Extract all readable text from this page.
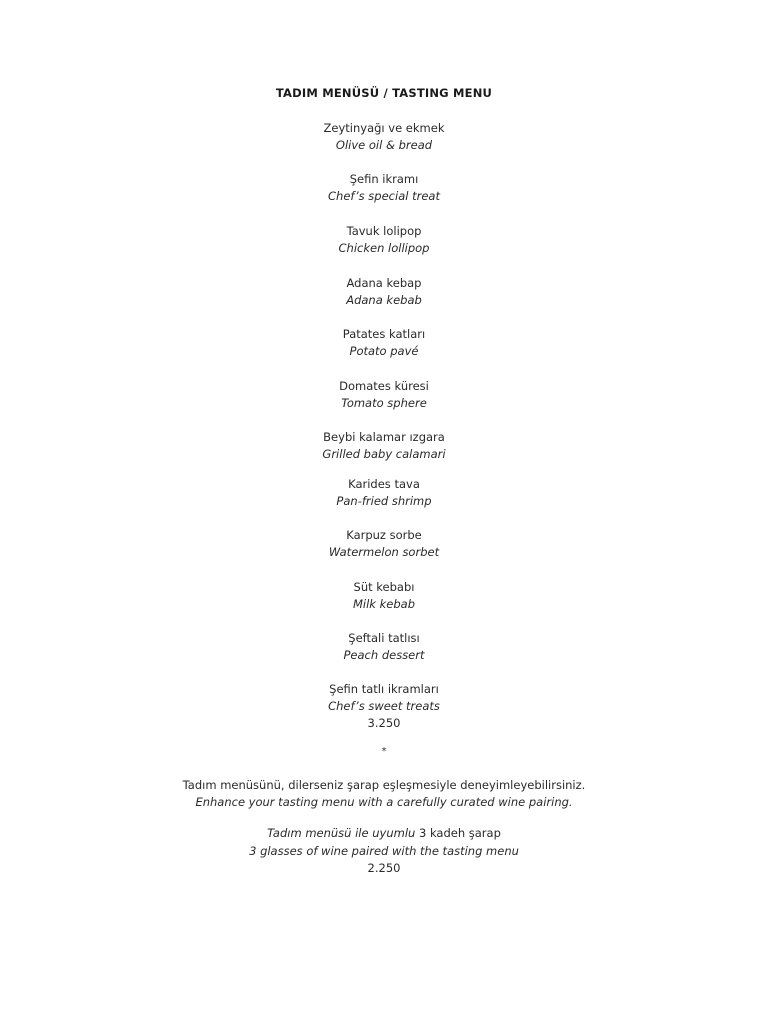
TADIM MENÜSÜ / TASTING MENU
Zeytinyağı ve ekmek
Olive oil & bread
Şefin ikramı
Chef’s special treat
Tavuk lolipop
Chicken lollipop
Adana kebap
Adana kebab
Patates katları
Potato pavé
Domates küresi
Tomato sphere
Beybi kalamar ızgara
Grilled baby calamari
Karides tava
Pan-fried shrimp
Karpuz sorbe
Watermelon sorbet
Süt kebabı
Milk kebab
Şeftali tatlısı
Peach dessert
Şefin tatlı ikramları
Chef’s sweet treats
3.250
*
Tadım menüsünü, dilerseniz şarap eşleşmesiyle deneyimleyebilirsiniz.
Enhance your tasting menu with a carefully curated wine pairing.
Tadım menüsü ile uyumlu 3 kadeh şarap
3 glasses of wine paired with the tasting menu
2.250
